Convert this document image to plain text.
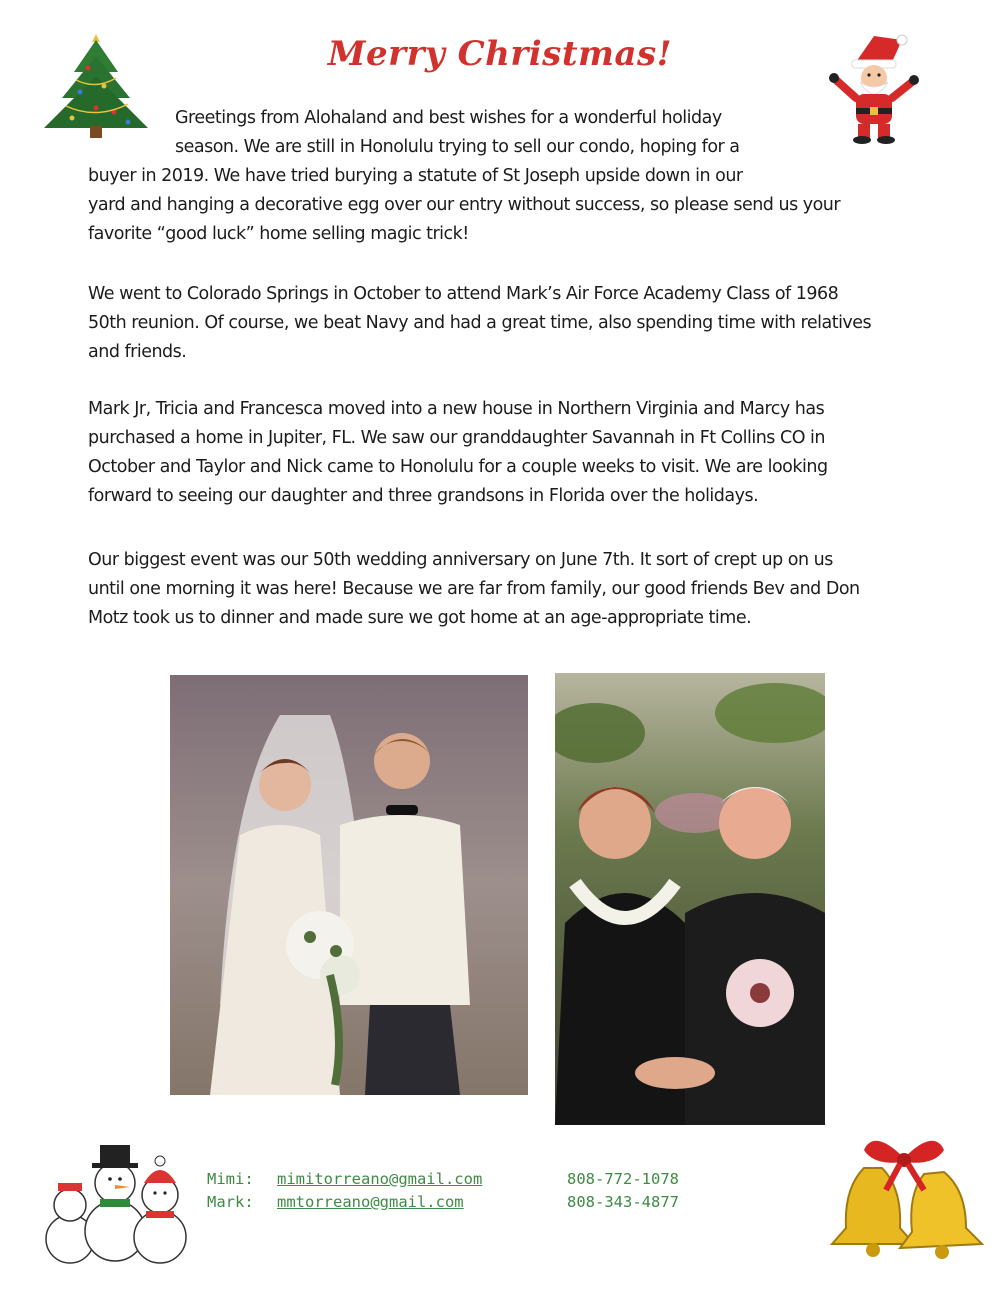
Merry Christmas!
Greetings from Alohaland and best wishes for a wonderful holiday
season. We are still in Honolulu trying to sell our condo, hoping for a
buyer in 2019. We have tried burying a statute of St Joseph upside down in our
yard and hanging a decorative egg over our entry without success, so please send us your
favorite “good luck” home selling magic trick!
We went to Colorado Springs in October to attend Mark’s Air Force Academy Class of 1968
50th reunion. Of course, we beat Navy and had a great time, also spending time with relatives
and friends.
Mark Jr, Tricia and Francesca moved into a new house in Northern Virginia and Marcy has
purchased a home in Jupiter, FL. We saw our granddaughter Savannah in Ft Collins CO in
October and Taylor and Nick came to Honolulu for a couple weeks to visit. We are looking
forward to seeing our daughter and three grandsons in Florida over the holidays.
Our biggest event was our 50th wedding anniversary on June 7th. It sort of crept up on us
until one morning it was here! Because we are far from family, our good friends Bev and Don
Motz took us to dinner and made sure we got home at an age-appropriate time.
Mimi: mimitorreano@gmail.com	808-772-1078
Mark: mmtorreano@gmail.com	808-343-4877
